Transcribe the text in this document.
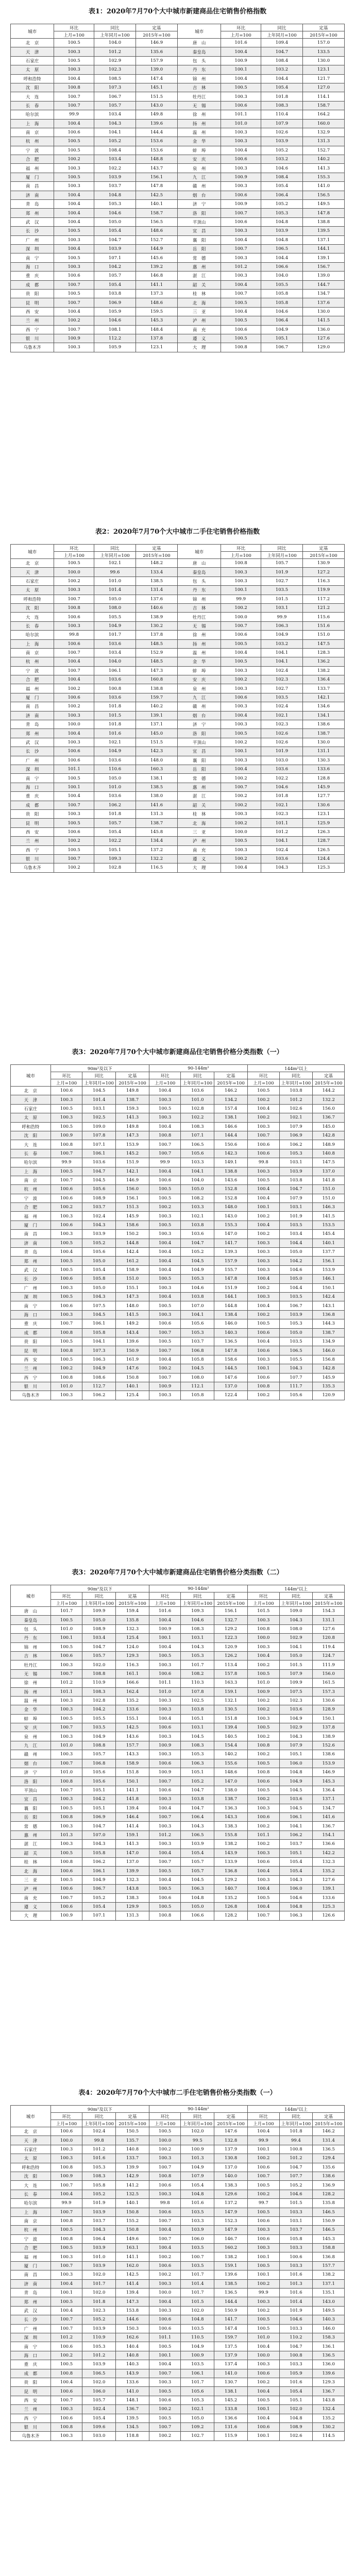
表1：2020年7月70个大中城市新建商品住宅销售价格指数
城市	环比	同比	定基	城市	环比	同比	定基
	上月=100	上年同月=100	2015年=100		上月=100	上年同月=100	2015年=100
北　京	100.5	104.0	146.9	唐　山	101.6	109.4	157.0
天　津	100.3	101.2	135.6	秦皇岛	100.4	104.7	133.5
石家庄	100.5	102.9	157.9	包　头	100.9	108.4	130.0
太　原	100.3	102.3	139.0	丹　东	100.1	103.2	123.1
呼和浩特	100.4	108.5	147.4	锦　州	100.4	104.4	121.7
沈　阳	100.8	107.3	145.1	吉　林	100.5	105.4	127.0
大　连	100.7	106.7	151.5	牡丹江	100.3	101.8	114.1
长　春	100.7	105.7	143.0	无　锡	100.6	108.3	158.7
哈尔滨	99.9	103.4	149.8	徐　州	101.1	110.4	164.2
上　海	100.4	104.3	139.6	扬　州	101.0	107.9	160.0
南　京	100.6	104.1	144.4	温　州	100.3	102.6	132.9
杭　州	100.5	105.2	153.6	金　华	100.3	103.9	131.3
宁　波	100.5	108.4	153.6	蚌　埠	100.4	105.2	152.7
合　肥	100.2	103.4	148.8	安　庆	100.6	103.2	140.2
福　州	100.3	102.2	143.7	泉　州	100.3	104.6	141.3
厦　门	100.5	103.9	156.1	九　江	100.9	108.4	155.3
南　昌	100.3	103.7	147.8	赣　州	100.3	105.4	141.0
济　南	100.4	104.8	142.5	烟　台	100.6	106.4	156.5
青　岛	100.4	105.3	140.1	济　宁	100.9	105.2	149.5
郑　州	100.4	104.6	158.7	洛　阳	100.7	105.3	147.8
武　汉	100.4	105.0	156.5	平顶山	100.6	104.8	138.8
长　沙	100.5	105.4	148.6	宜　昌	100.3	103.9	139.5
广　州	100.3	104.7	152.7	襄　阳	100.4	104.8	137.1
深　圳	100.4	103.9	144.9	岳　阳	100.7	106.5	144.1
南　宁	100.5	107.1	145.6	常　德	100.3	104.4	139.1
海　口	100.3	104.2	139.2	惠　州	101.2	106.6	156.7
重　庆	100.6	105.7	146.8	湛　江	100.3	104.0	139.0
成　都	100.7	105.4	141.1	韶　关	100.4	105.5	144.7
贵　阳	100.5	103.8	137.3	桂　林	100.7	105.8	134.7
昆　明	100.7	106.9	148.6	北　海	100.5	105.8	137.6
西　安	100.4	105.9	159.5	三　亚	100.4	104.6	130.0
兰　州	100.2	104.6	145.3	泸　州	100.5	106.4	141.5
西　宁	100.7	108.1	148.4	南　充	100.6	104.9	136.0
银　川	100.9	112.2	137.8	遵　义	100.5	105.1	127.6
乌鲁木齐	100.3	105.9	123.1	大　理	100.8	106.7	129.0
表2：2020年7月70个大中城市二手住宅销售价格指数
城市	环比	同比	定基	城市	环比	同比	定基
	上月=100	上年同月=100	2015年=100		上月=100	上年同月=100	2015年=100
北　京	100.5	102.1	148.2	唐　山	100.8	105.7	130.9
天　津	100.0	99.6	133.4	秦皇岛	100.3	101.9	127.2
石家庄	100.2	101.0	138.5	包　头	100.3	102.7	116.3
太　原	100.3	101.4	131.4	丹　东	100.1	103.5	119.9
呼和浩特	100.7	105.0	137.6	锦　州	99.9	101.5	117.2
沈　阳	100.8	108.0	140.6	吉　林	100.2	103.1	121.2
大　连	100.6	105.5	138.9	牡丹江	100.0	99.9	115.6
长　春	100.3	104.9	130.2	无　锡	100.7	106.3	151.6
哈尔滨	99.8	101.7	137.8	徐　州	100.6	104.9	151.0
上　海	100.6	103.6	148.5	扬　州	100.5	103.2	147.5
南　京	100.7	103.4	152.9	温　州	100.4	104.1	128.3
杭　州	100.4	104.0	148.5	金　华	100.5	104.1	136.2
宁　波	100.7	106.1	147.3	蚌　埠	100.3	102.4	138.2
合　肥	100.4	103.6	160.8	安　庆	100.2	102.3	136.4
福　州	100.2	100.8	138.8	泉　州	100.3	102.7	133.7
厦　门	100.6	103.6	159.7	九　江	100.6	103.5	142.1
南　昌	100.2	101.8	140.2	赣　州	100.3	102.4	134.6
济　南	100.3	101.5	139.1	烟　台	100.4	102.1	134.1
青　岛	100.0	101.8	137.1	济　宁	100.3	102.3	138.6
郑　州	100.4	101.6	145.0	洛　阳	100.5	102.6	138.7
武　汉	100.3	102.1	151.5	平顶山	100.2	102.6	130.0
长　沙	100.6	104.9	142.3	宜　昌	100.1	101.9	131.1
广　州	100.6	103.6	148.0	襄　阳	100.3	103.0	130.3
深　圳	101.1	110.6	160.3	岳　阳	100.4	103.6	133.6
南　宁	100.5	105.0	138.1	常　德	100.2	102.2	128.8
海　口	100.1	101.0	138.5	惠　州	100.7	104.6	145.9
重　庆	100.4	103.6	138.0	湛　江	100.2	101.8	127.7
成　都	100.7	106.2	141.6	韶　关	100.2	102.1	130.6
贵　阳	100.3	101.8	131.3	桂　林	100.3	102.3	123.1
昆　明	100.5	105.7	138.7	北　海	100.2	101.1	125.9
西　安	100.6	105.4	145.8	三　亚	100.0	101.2	126.3
兰　州	100.2	102.2	134.4	泸　州	100.5	104.1	128.7
西　宁	100.5	105.1	137.2	南　充	100.3	102.4	126.5
银　川	100.7	109.3	132.2	遵　义	100.2	103.6	124.4
乌鲁木齐	100.2	102.8	116.5	大　理	100.4	104.3	125.3
表3：2020年7月70个大中城市新建商品住宅销售价格分类指数（一）
城市	90m²及以下			90-144m²			144m²以上		
	环比	同比	定基	环比	同比	定基	环比	同比	定基
	上月=100	上年同月=100	2015年=100	上月=100	上年同月=100	2015年=100	上月=100	上年同月=100	2015年=100
北　京	100.6	104.5	149.8	100.4	103.6	146.2	100.5	103.8	144.2
天　津	100.3	101.4	138.7	100.3	101.0	134.2	100.2	101.2	132.2
石家庄	100.5	103.1	159.3	100.5	102.8	157.4	100.4	102.6	156.0
太　原	100.3	102.5	141.3	100.3	102.2	138.1	100.2	102.1	136.7
呼和浩特	100.5	109.0	149.8	100.4	108.3	146.6	100.3	107.9	145.0
沈　阳	100.9	107.8	147.3	100.8	107.1	144.4	100.7	106.9	142.8
大　连	100.8	107.1	153.9	100.7	106.5	150.6	100.6	106.2	148.9
长　春	100.7	106.1	145.2	100.7	105.6	142.3	100.6	105.3	140.8
哈尔滨	99.9	103.6	151.9	99.9	103.3	149.1	99.8	103.1	147.5
上　海	100.5	104.7	142.1	100.4	104.1	138.8	100.3	103.9	137.0
南　京	100.7	104.5	146.9	100.6	104.0	143.6	100.5	103.8	141.8
杭　州	100.6	105.6	156.0	100.5	105.0	152.8	100.4	104.7	151.0
宁　波	100.6	108.9	156.1	100.5	108.2	152.8	100.4	107.9	151.0
合　肥	100.2	103.7	151.3	100.2	103.3	148.0	100.1	103.1	146.3
福　州	100.3	102.4	145.9	100.3	102.1	143.0	100.2	101.9	141.5
厦　门	100.6	104.3	158.6	100.5	103.8	155.3	100.4	103.5	153.5
南　昌	100.3	103.9	150.2	100.3	103.6	147.0	100.2	103.4	145.4
济　南	100.5	105.2	144.8	100.4	104.7	141.7	100.3	104.4	140.1
青　岛	100.4	105.6	142.4	100.4	105.2	139.3	100.3	105.0	137.7
郑　州	100.5	105.0	161.2	100.4	104.5	157.9	100.3	104.2	156.1
武　汉	100.5	105.4	158.9	100.4	104.9	155.7	100.3	104.6	153.9
长　沙	100.6	105.8	151.0	100.5	105.3	147.8	100.4	105.0	146.1
广　州	100.3	105.0	155.1	100.3	104.6	151.9	100.2	104.4	150.1
深　圳	100.5	104.3	147.3	100.4	103.8	144.1	100.3	103.5	142.4
南　宁	100.6	107.5	148.0	100.5	107.0	144.8	100.4	106.7	143.1
海　口	100.3	104.5	141.5	100.3	104.1	138.4	100.2	103.9	136.8
重　庆	100.7	106.1	149.2	100.6	105.6	146.0	100.5	105.3	144.3
成　都	100.8	105.8	143.4	100.7	105.3	140.3	100.6	105.0	138.7
贵　阳	100.5	104.1	139.6	100.5	103.7	136.5	100.4	103.5	134.9
昆　明	100.8	107.3	150.9	100.7	106.8	147.8	100.6	106.5	146.0
西　安	100.5	106.3	161.9	100.4	105.8	158.6	100.3	105.5	156.8
兰　州	100.2	104.9	147.6	100.2	104.5	144.5	100.1	104.3	142.8
西　宁	100.8	108.6	150.8	100.7	108.0	147.6	100.6	107.7	145.9
银　川	101.0	112.7	140.1	100.9	112.1	137.0	100.8	111.7	135.3
乌鲁木齐	100.3	106.2	125.4	100.3	105.8	122.4	100.2	105.6	120.9
表3：2020年7月70个大中城市新建商品住宅销售价格分类指数（二）
城市	90m²及以下			90-144m²			144m²以上		
	环比	同比	定基	环比	同比	定基	环比	同比	定基
	上月=100	上年同月=100	2015年=100	上月=100	上年同月=100	2015年=100	上月=100	上年同月=100	2015年=100
唐　山	101.7	109.9	159.4	101.6	109.3	156.1	101.5	109.0	154.3
秦皇岛	100.5	105.0	135.8	100.4	104.6	132.7	100.3	104.3	131.1
包　头	101.0	108.9	132.3	100.9	108.3	129.2	100.8	108.0	127.6
丹　东	100.1	103.4	125.4	100.1	103.1	122.3	100.0	102.9	120.8
锦　州	100.5	104.7	124.0	100.4	104.3	120.9	100.3	104.1	119.4
吉　林	100.6	105.7	129.3	100.5	105.3	126.2	100.4	105.0	124.7
牡丹江	100.3	102.0	116.3	100.3	101.7	113.4	100.2	101.5	111.9
无　锡	100.7	108.8	161.1	100.6	108.2	157.8	100.5	107.9	156.0
徐　州	101.2	110.9	166.6	101.1	110.3	163.3	101.0	109.9	161.5
扬　州	101.1	108.3	162.4	101.0	107.8	159.1	100.9	107.5	157.3
温　州	100.3	102.8	135.2	100.3	102.5	132.1	100.2	102.3	130.6
金　华	100.3	104.2	133.6	100.3	103.8	130.5	100.2	103.6	128.9
蚌　埠	100.5	105.5	155.1	100.4	105.1	151.8	100.3	104.9	150.1
安　庆	100.7	103.5	142.5	100.6	103.1	139.4	100.5	102.9	137.8
泉　州	100.3	104.9	143.6	100.3	104.5	140.5	100.2	104.3	138.9
九　江	101.0	108.8	157.7	100.9	108.3	154.4	100.8	107.9	152.6
赣　州	100.3	105.7	143.3	100.3	105.3	140.2	100.2	105.1	138.6
烟　台	100.7	106.8	158.9	100.6	106.3	155.6	100.5	106.0	153.9
济　宁	101.0	105.6	151.8	100.9	105.1	148.6	100.8	104.8	146.9
洛　阳	100.8	105.6	150.1	100.7	105.2	147.0	100.6	104.9	145.3
平顶山	100.7	105.1	141.1	100.6	104.7	138.0	100.5	104.5	136.4
宜　昌	100.3	104.2	141.8	100.3	103.8	138.7	100.2	103.6	137.1
襄　阳	100.5	105.1	139.4	100.4	104.7	136.3	100.3	104.5	134.7
岳　阳	100.8	106.9	146.4	100.7	106.4	143.3	100.6	106.1	141.6
常　德	100.3	104.7	141.4	100.3	104.3	138.3	100.2	104.1	136.7
惠　州	101.3	107.0	159.1	101.2	106.5	155.8	101.1	106.2	154.1
湛　江	100.3	104.3	141.3	100.3	103.9	138.2	100.2	103.7	136.6
韶　关	100.5	105.8	147.0	100.4	105.4	143.9	100.3	105.1	142.2
桂　林	100.8	106.2	137.0	100.7	105.7	133.9	100.6	105.4	132.3
北　海	100.6	106.1	139.9	100.5	105.7	136.8	100.4	105.4	135.2
三　亚	100.5	104.9	132.3	100.4	104.5	129.2	100.3	104.3	127.6
泸　州	100.6	106.7	143.8	100.5	106.3	140.7	100.4	106.0	139.1
南　充	100.7	105.2	138.3	100.6	104.8	135.2	100.5	104.6	133.6
遵　义	100.6	105.4	129.9	100.5	105.0	126.8	100.4	104.8	125.3
大　理	100.9	107.1	131.3	100.8	106.6	128.2	100.7	106.3	126.6
表4：2020年7月70个大中城市二手住宅销售价格分类指数（一）
城市	90m²及以下			90-144m²			144m²以上		
	环比	同比	定基	环比	同比	定基	环比	同比	定基
	上月=100	上年同月=100	2015年=100	上月=100	上年同月=100	2015年=100	上月=100	上年同月=100	2015年=100
北　京	100.6	102.4	150.5	100.5	102.0	147.6	100.4	101.8	146.2
天　津	100.0	99.8	135.7	100.0	99.5	132.8	99.9	99.4	131.4
石家庄	100.3	101.2	140.8	100.2	100.9	137.9	100.1	100.8	136.5
太　原	100.3	101.6	133.7	100.3	101.3	130.8	100.2	101.2	129.4
呼和浩特	100.8	105.3	139.9	100.7	104.9	137.0	100.6	104.7	135.6
沈　阳	100.9	108.3	142.9	100.8	107.9	140.0	100.7	107.7	138.6
大　连	100.7	105.8	141.2	100.6	105.4	138.3	100.5	105.2	136.9
长　春	100.4	105.2	132.5	100.3	104.8	129.6	100.2	104.6	128.2
哈尔滨	99.9	101.9	140.1	99.8	101.6	137.2	99.7	101.5	135.8
上　海	100.7	103.9	150.8	100.6	103.5	147.9	100.5	103.3	146.5
南　京	100.8	103.7	155.2	100.7	103.3	152.3	100.6	103.1	150.9
杭　州	100.5	104.3	150.8	100.4	103.9	147.9	100.3	103.7	146.5
宁　波	100.8	106.4	149.6	100.7	106.0	146.7	100.6	105.8	145.3
合　肥	100.5	103.9	163.1	100.4	103.5	160.2	100.3	103.3	158.8
福　州	100.3	101.0	141.1	100.2	100.7	138.2	100.1	100.6	136.8
厦　门	100.7	103.9	162.0	100.6	103.5	159.1	100.5	103.3	157.7
南　昌	100.3	102.0	142.5	100.2	101.7	139.6	100.1	101.6	138.2
济　南	100.4	101.7	141.4	100.3	101.4	138.5	100.2	101.3	137.1
青　岛	100.1	102.0	139.4	100.0	101.7	136.5	99.9	101.6	135.1
郑　州	100.5	101.8	147.3	100.4	101.5	144.4	100.3	101.4	143.0
武　汉	100.4	102.3	153.8	100.3	102.0	150.9	100.2	101.9	149.5
长　沙	100.7	105.2	144.6	100.6	104.8	141.7	100.5	104.6	140.3
广　州	100.7	103.9	150.3	100.6	103.5	147.4	100.5	103.3	146.0
深　圳	101.2	110.9	162.6	101.1	110.5	159.7	101.0	110.2	158.3
南　宁	100.6	105.3	140.4	100.5	104.9	137.5	100.4	104.7	136.1
海　口	100.2	101.2	140.8	100.1	100.9	137.9	100.0	100.8	136.5
重　庆	100.5	103.9	140.3	100.4	103.5	137.4	100.3	103.3	136.0
成　都	100.8	106.5	143.9	100.7	106.1	141.0	100.6	105.9	139.6
贵　阳	100.4	102.0	133.6	100.3	101.7	130.7	100.2	101.6	129.3
昆　明	100.6	106.0	141.0	100.5	105.6	138.1	100.4	105.4	136.7
西　安	100.7	105.7	148.1	100.6	105.3	145.2	100.5	105.1	143.8
兰　州	100.3	102.4	136.7	100.2	102.1	133.8	100.1	102.0	132.4
西　宁	100.6	105.4	139.5	100.5	105.0	136.6	100.4	104.8	135.2
银　川	100.8	109.6	134.5	100.7	109.2	131.6	100.6	108.9	130.2
乌鲁木齐	100.3	103.0	118.8	100.2	102.7	115.9	100.1	102.6	114.5
